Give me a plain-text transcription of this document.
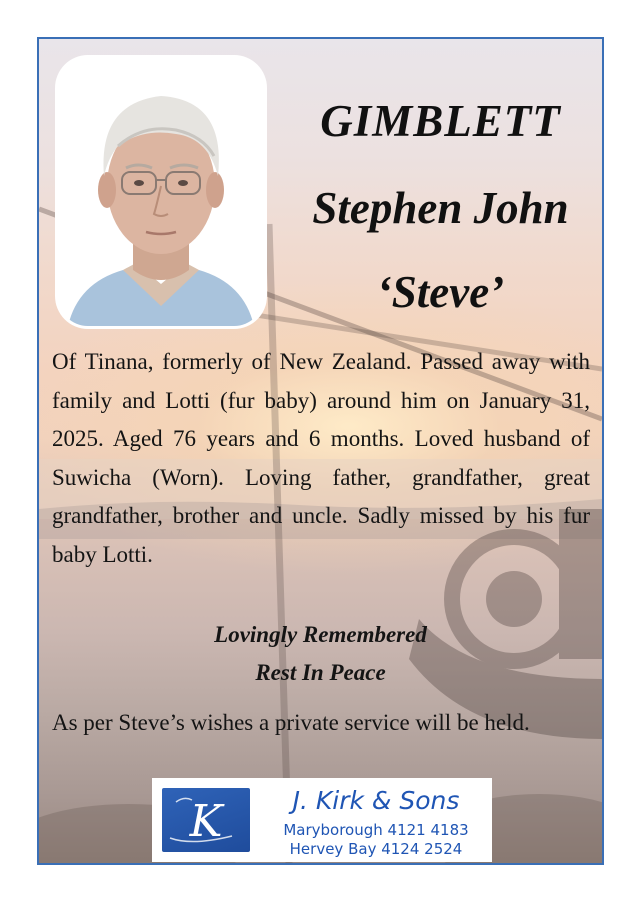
GIMBLETT
Stephen John
‘Steve’

Of Tinana, formerly of New Zealand. Passed away with family and Lotti (fur baby) around him on January 31, 2025. Aged 76 years and 6 months. Loved husband of Suwicha (Worn). Loving father, grandfather, great grandfather, brother and uncle. Sadly missed by his fur baby Lotti.

Lovingly Remembered

Rest In Peace

As per Steve’s wishes a private service will be held.

K	J. Kirk & Sons

Maryborough 4121 4183

Hervey Bay 4124 2524
